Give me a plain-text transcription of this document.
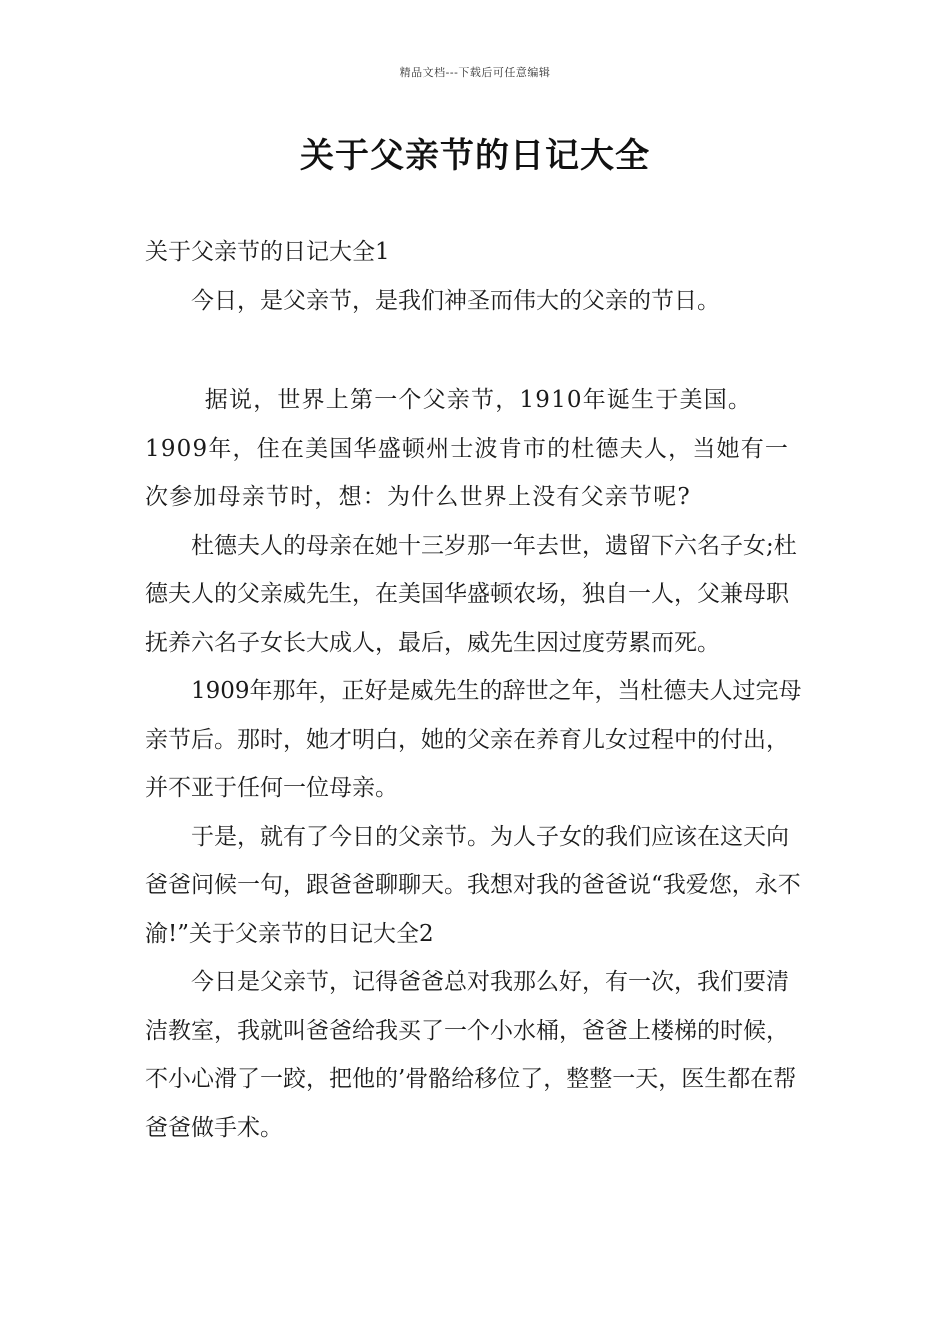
精品文档---下载后可任意编辑
关于父亲节的日记大全

关于父亲节的日记大全1

今日，是父亲节，是我们神圣而伟大的父亲的节日。

据说，世界上第一个父亲节，1910年诞生于美国。1909年，住在美国华盛顿州士波肯市的杜德夫人，当她有一次参加母亲节时，想：为什么世界上没有父亲节呢?

杜德夫人的母亲在她十三岁那一年去世，遗留下六名子女;杜德夫人的父亲威先生，在美国华盛顿农场，独自一人，父兼母职抚养六名子女长大成人，最后，威先生因过度劳累而死。

1909年那年，正好是威先生的辞世之年，当杜德夫人过完母亲节后。那时，她才明白，她的父亲在养育儿女过程中的付出，并不亚于任何一位母亲。

于是，就有了今日的父亲节。为人子女的我们应该在这天向爸爸问候一句，跟爸爸聊聊天。我想对我的爸爸说“我爱您，永不渝!”关于父亲节的日记大全2

今日是父亲节，记得爸爸总对我那么好，有一次，我们要清洁教室，我就叫爸爸给我买了一个小水桶，爸爸上楼梯的时候，不小心滑了一跤，把他的’骨骼给移位了，整整一天，医生都在帮爸爸做手术。
